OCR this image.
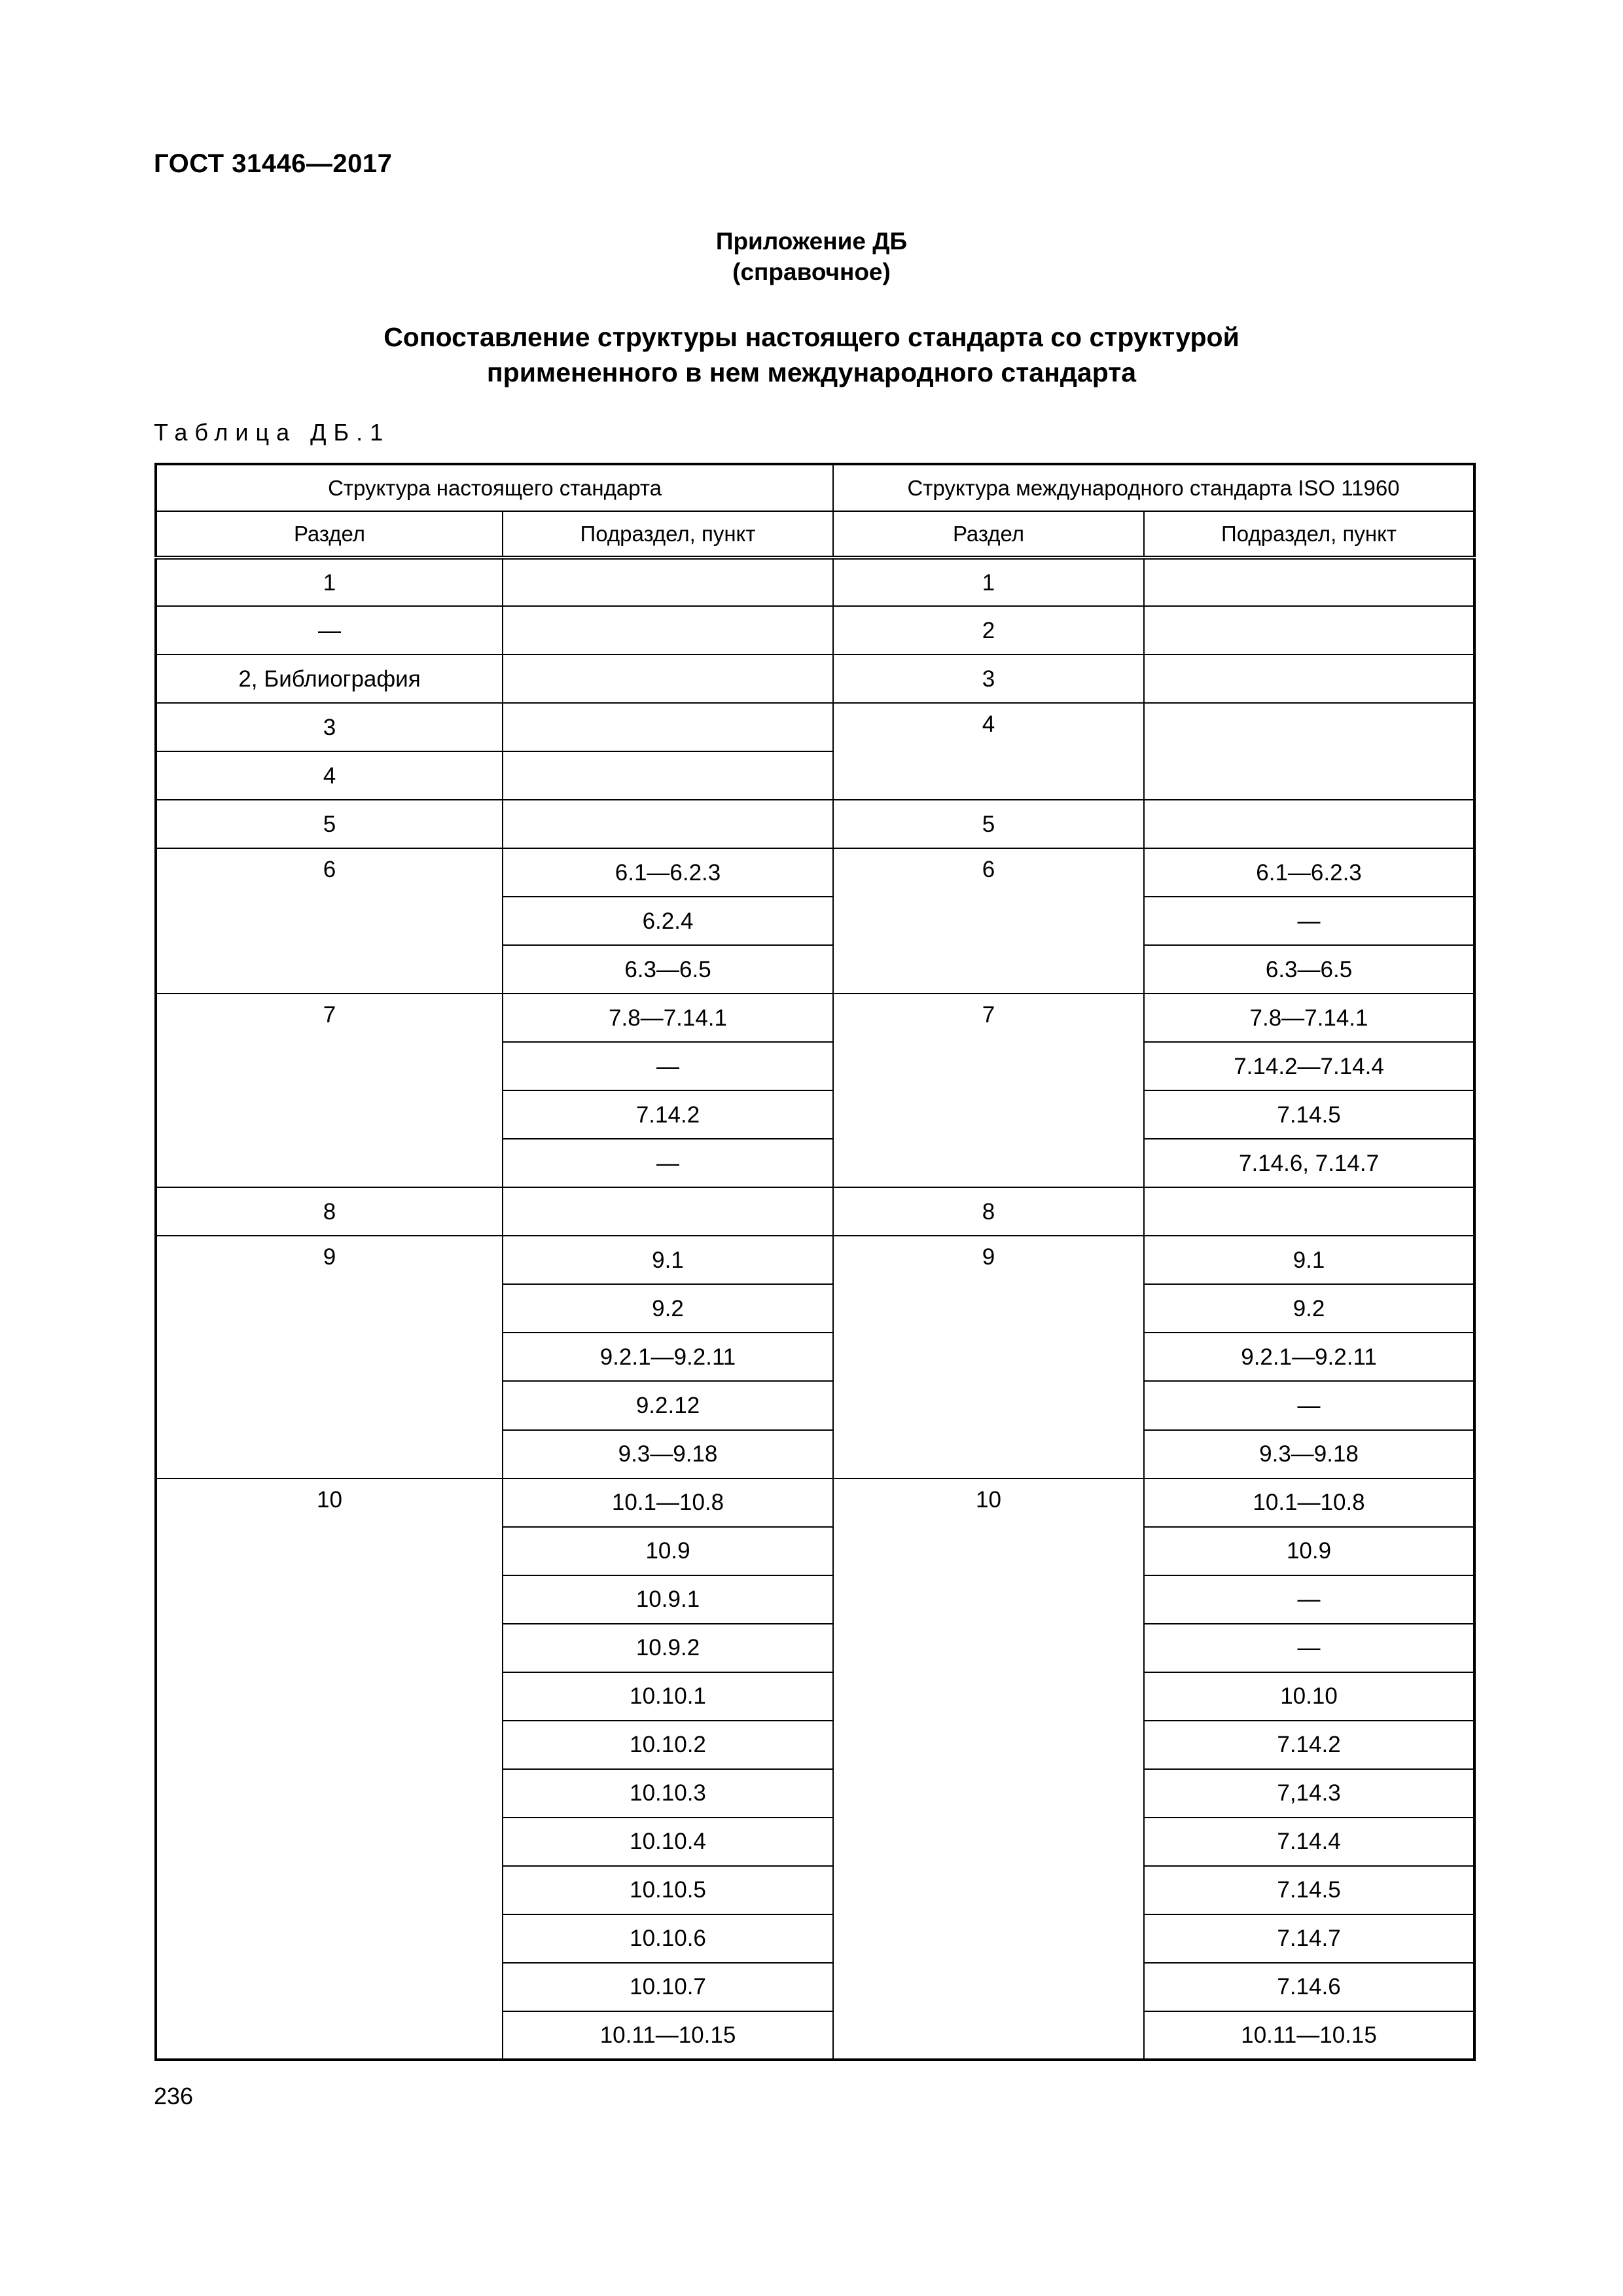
ГОСТ 31446—2017
Приложение ДБ
(справочное)
Сопоставление структуры настоящего стандарта со структурой
примененного в нем международного стандарта
Таблица ДБ.1
Структура настоящего стандарта		Структура международного стандарта ISO 11960	
Раздел	Подраздел, пункт	Раздел	Подраздел, пункт
1		1	
—		2	
2, Библиография		3	
3		4	
4			
5		5	
6	6.1—6.2.3	6	6.1—6.2.3
	6.2.4		—
	6.3—6.5		6.3—6.5
7	7.8—7.14.1	7	7.8—7.14.1
	—		7.14.2—7.14.4
	7.14.2		7.14.5
	—		7.14.6, 7.14.7
8		8	
9	9.1	9	9.1
	9.2		9.2
	9.2.1—9.2.11		9.2.1—9.2.11
	9.2.12		—
	9.3—9.18		9.3—9.18
10	10.1—10.8	10	10.1—10.8
	10.9		10.9
	10.9.1		—
	10.9.2		—
	10.10.1		10.10
	10.10.2		7.14.2
	10.10.3		7,14.3
	10.10.4		7.14.4
	10.10.5		7.14.5
	10.10.6		7.14.7
	10.10.7		7.14.6
	10.11—10.15		10.11—10.15
236
